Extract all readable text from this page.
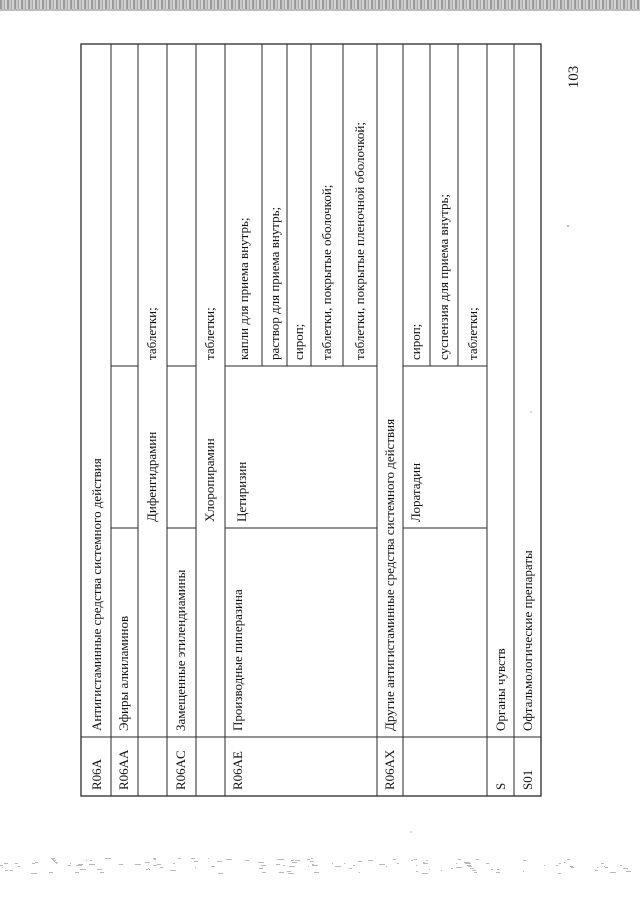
103
R06A
Антигистаминные средства системного действия
R06AA
Эфиры алкиламинов
Дифенгидрамин
таблетки;
R06AC
Замещенные этилендиамины
Хлоропирамин
таблетки;
R06AE
Производные пиперазина
Цетиризин
капли для приема внутрь; раствор для приема внутрь; сироп; таблетки, покрытые оболочкой; таблетки, покрытые пленочной оболочкой;
R06AX
Другие антигистаминные средства системного действия Лоратадин
сироп; суспензия для приема внутрь; таблетки;
S
Органы чувств
S01
Офтальмологические препараты
